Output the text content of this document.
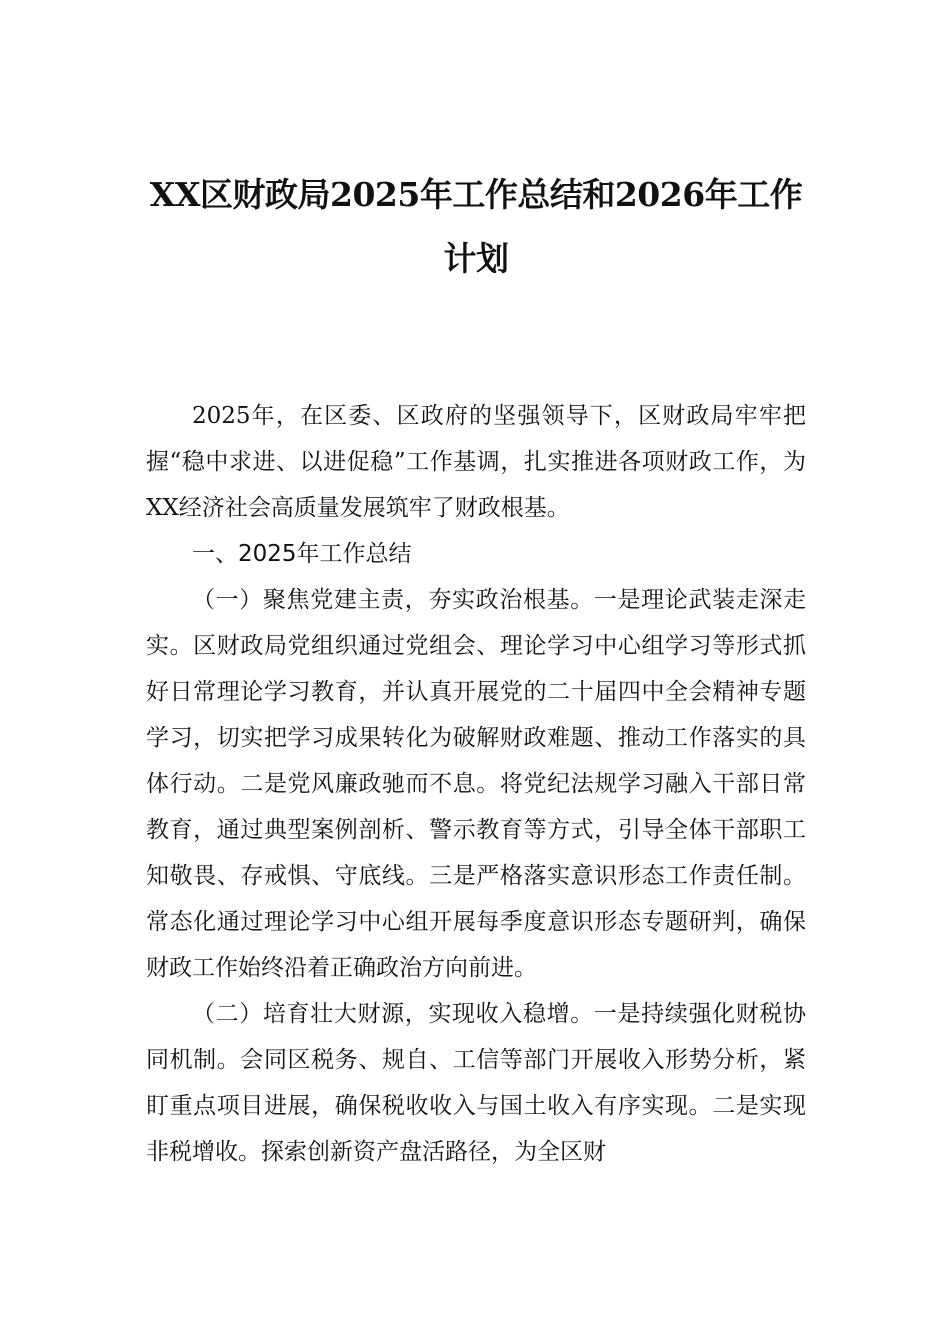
XX区财政局2025年工作总结和2026年工作计划

2025年，在区委、区政府的坚强领导下，区财政局牢牢把握“稳中求进、以进促稳”工作基调，扎实推进各项财政工作，为XX经济社会高质量发展筑牢了财政根基。

一、2025年工作总结

（一）聚焦党建主责，夯实政治根基。一是理论武装走深走实。区财政局党组织通过党组会、理论学习中心组学习等形式抓好日常理论学习教育，并认真开展党的二十届四中全会精神专题学习，切实把学习成果转化为破解财政难题、推动工作落实的具体行动。二是党风廉政驰而不息。将党纪法规学习融入干部日常教育，通过典型案例剖析、警示教育等方式，引导全体干部职工知敬畏、存戒惧、守底线。三是严格落实意识形态工作责任制。常态化通过理论学习中心组开展每季度意识形态专题研判，确保财政工作始终沿着正确政治方向前进。

（二）培育壮大财源，实现收入稳增。一是持续强化财税协同机制。会同区税务、规自、工信等部门开展收入形势分析，紧盯重点项目进展，确保税收收入与国土收入有序实现。二是实现非税增收。探索创新资产盘活路径，为全区财
